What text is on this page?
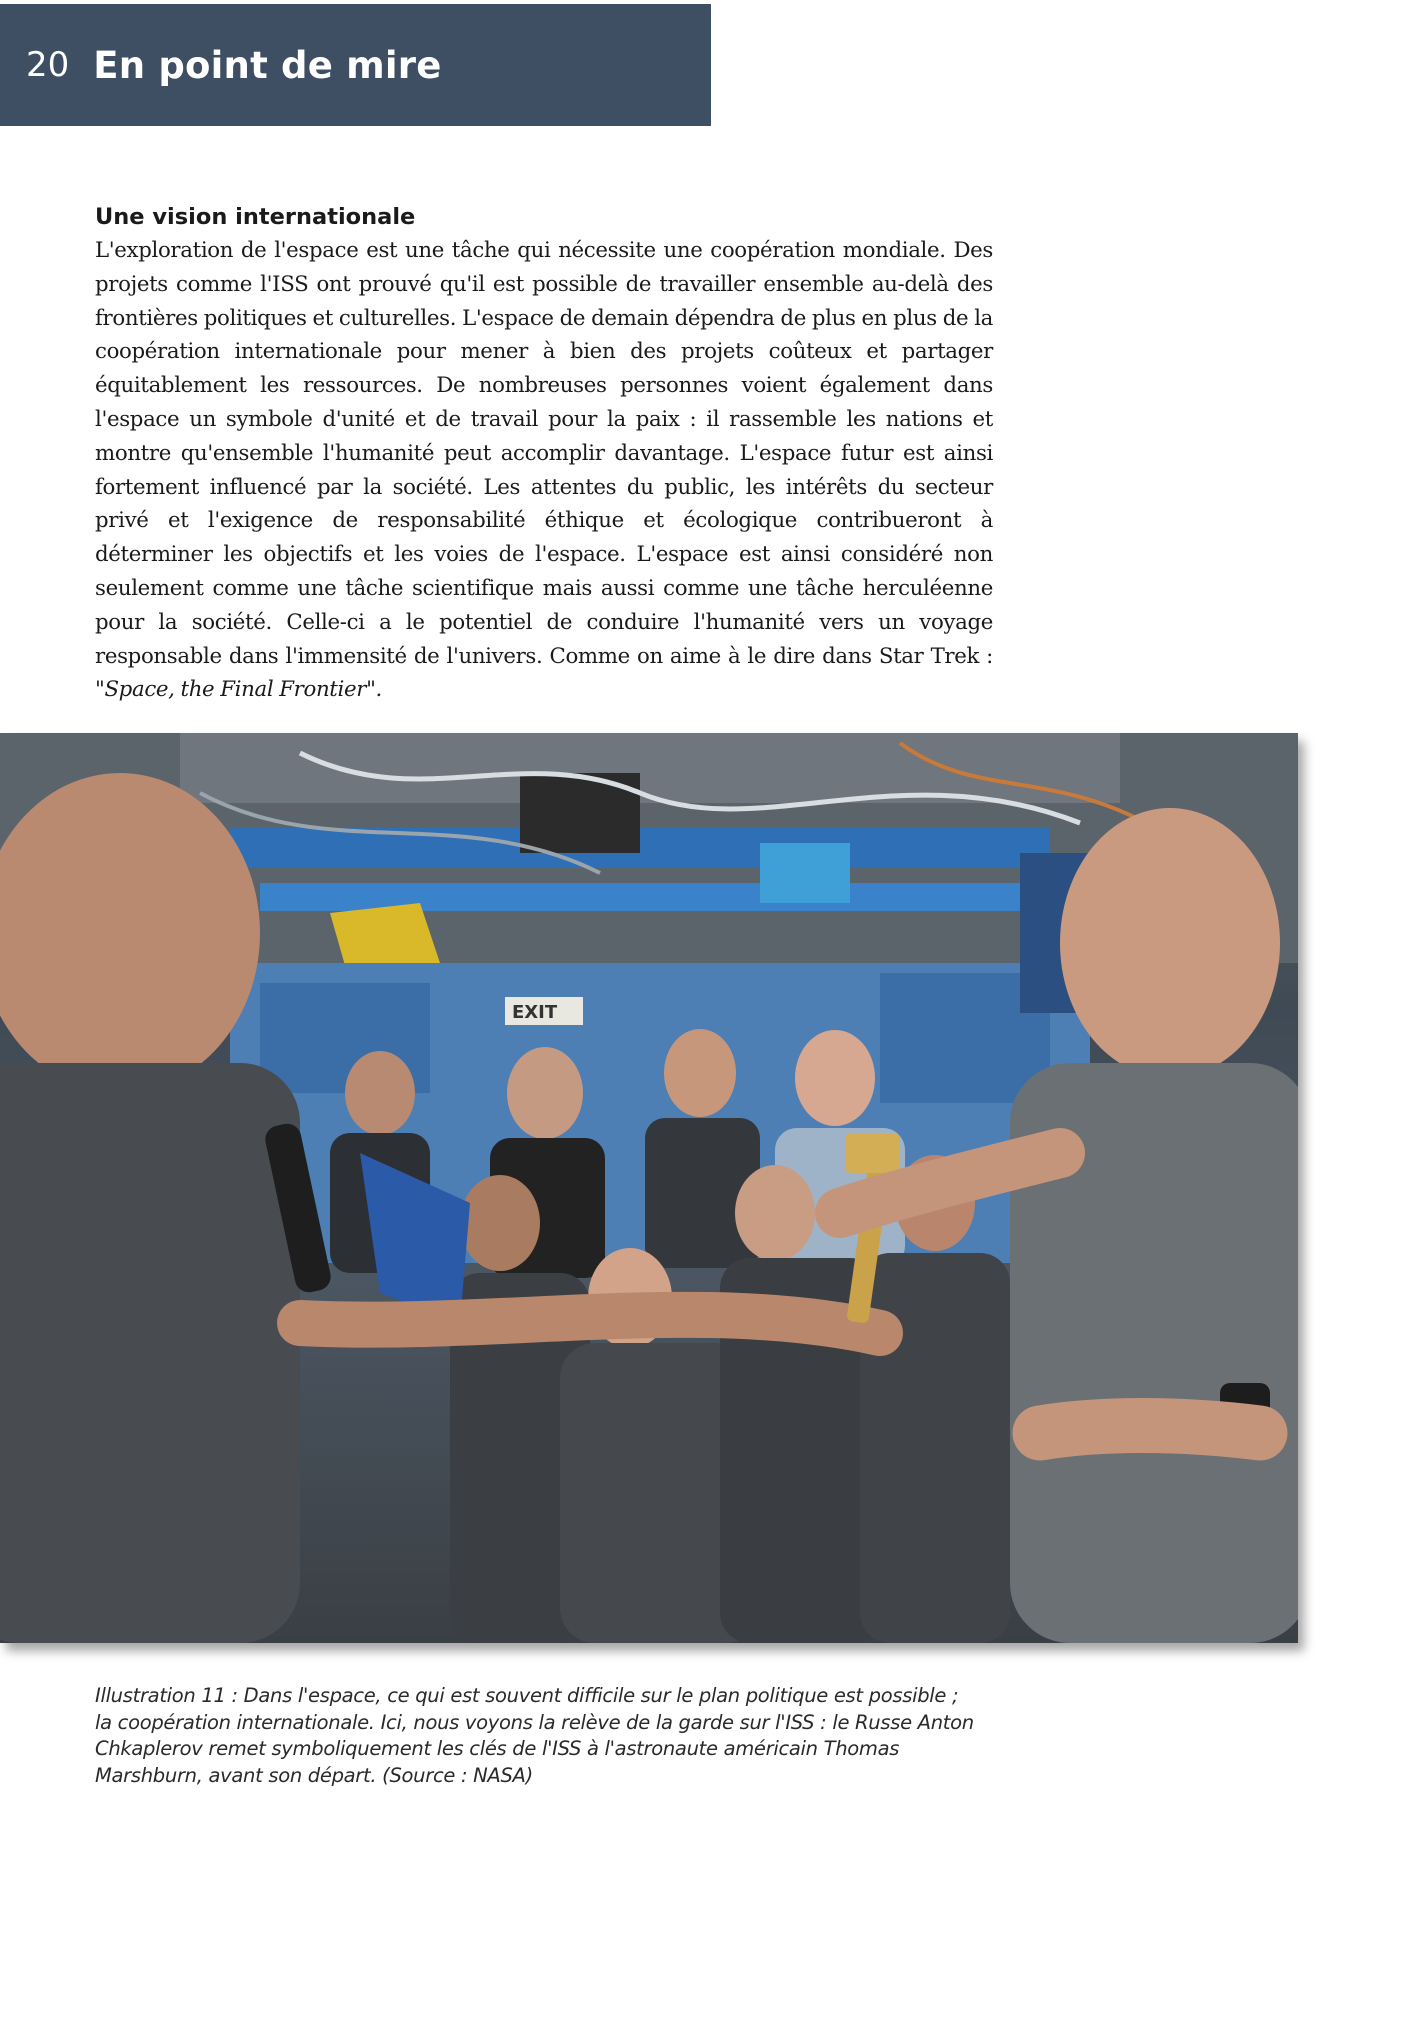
20 En point de mire
Une vision internationale

L'exploration de l'espace est une tâche qui nécessite une coopération mondiale. Des projets comme l'ISS ont prouvé qu'il est possible de travailler ensemble au-delà des frontières politiques et culturelles. L'espace de demain dépendra de plus en plus de la coopération internationale pour mener à bien des projets coûteux et partager équitablement les ressources. De nombreuses personnes voient également dans l'espace un symbole d'unité et de travail pour la paix : il rassemble les nations et montre qu'ensemble l'humanité peut accomplir davantage. L'espace futur est ainsi fortement influencé par la société. Les attentes du public, les intérêts du secteur privé et l'exigence de responsabilité éthique et écologique contribueront à déterminer les objectifs et les voies de l'espace. L'espace est ainsi considéré non seulement comme une tâche scientifique mais aussi comme une tâche herculéenne pour la société. Celle-ci a le potentiel de conduire l'humanité vers un voyage responsable dans l'immensité de l'univers. Comme on aime à le dire dans Star Trek : "Space, the Final Frontier".

EXIT

Illustration 11 : Dans l'espace, ce qui est souvent difficile sur le plan politique est possible ; la coopération internationale. Ici, nous voyons la relève de la garde sur l'ISS : le Russe Anton Chkaplerov remet symboliquement les clés de l'ISS à l'astronaute américain Thomas Marshburn, avant son départ. (Source : NASA)
